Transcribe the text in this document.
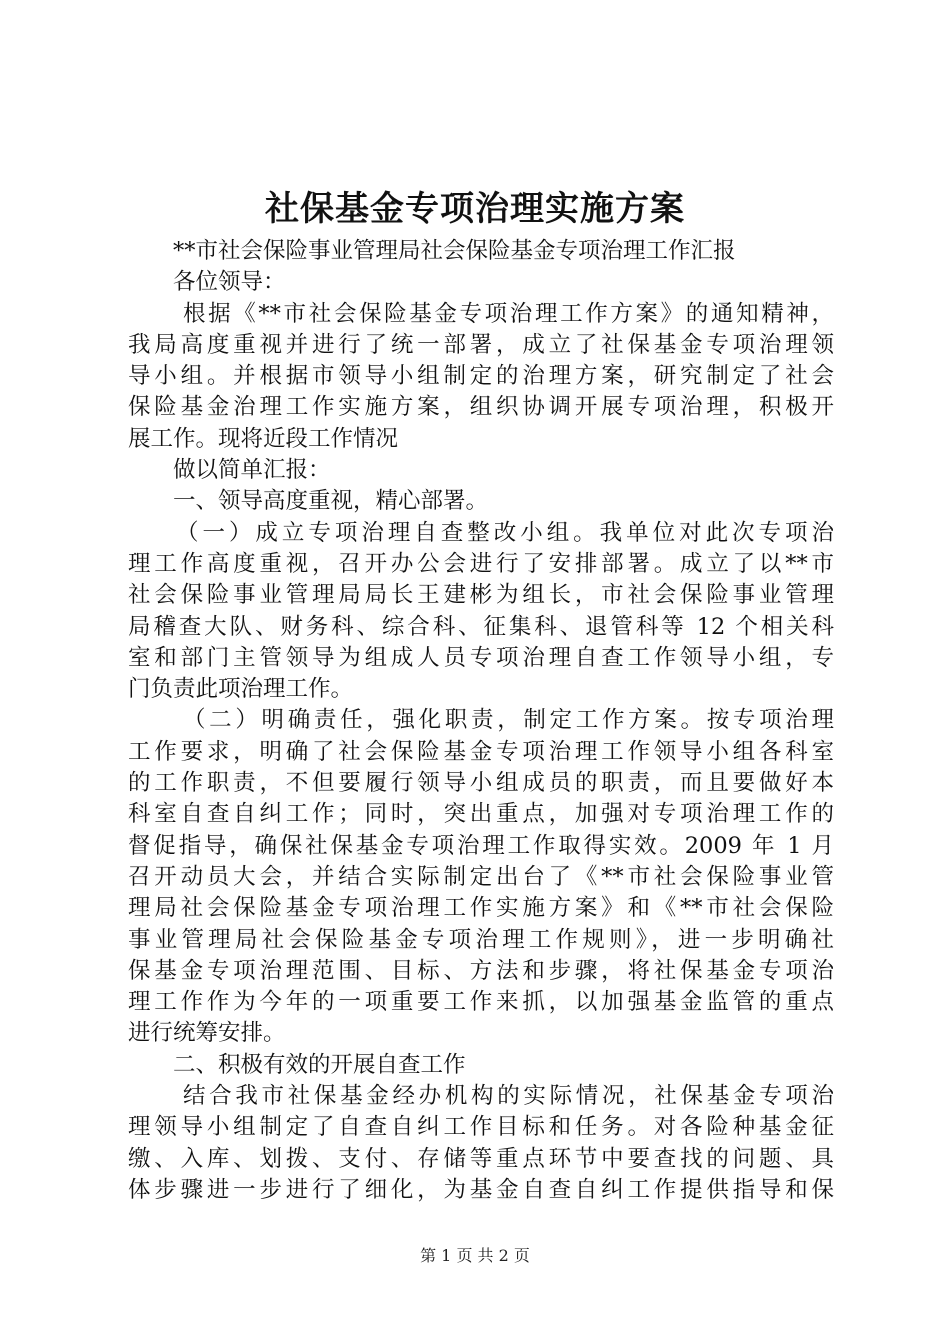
社保基金专项治理实施方案
**市社会保险事业管理局社会保险基金专项治理工作汇报
各位领导：
根据《**市社会保险基金专项治理工作方案》的通知精神，
我局高度重视并进行了统一部署，成立了社保基金专项治理领
导小组。并根据市领导小组制定的治理方案，研究制定了社会
保险基金治理工作实施方案，组织协调开展专项治理，积极开
展工作。现将近段工作情况
做以简单汇报：
一、领导高度重视，精心部署。
（一）成立专项治理自查整改小组。我单位对此次专项治
理工作高度重视，召开办公会进行了安排部署。成立了以**市
社会保险事业管理局局长王建彬为组长，市社会保险事业管理
局稽查大队、财务科、综合科、征集科、退管科等 12 个相关科
室和部门主管领导为组成人员专项治理自查工作领导小组，专
门负责此项治理工作。
（二）明确责任，强化职责，制定工作方案。按专项治理
工作要求，明确了社会保险基金专项治理工作领导小组各科室
的工作职责，不但要履行领导小组成员的职责，而且要做好本
科室自查自纠工作；同时，突出重点，加强对专项治理工作的
督促指导，确保社保基金专项治理工作取得实效。2009 年 1 月
召开动员大会，并结合实际制定出台了《**市社会保险事业管
理局社会保险基金专项治理工作实施方案》和《**市社会保险
事业管理局社会保险基金专项治理工作规则》，进一步明确社
保基金专项治理范围、目标、方法和步骤，将社保基金专项治
理工作作为今年的一项重要工作来抓，以加强基金监管的重点
进行统筹安排。
二、积极有效的开展自查工作
结合我市社保基金经办机构的实际情况，社保基金专项治
理领导小组制定了自查自纠工作目标和任务。对各险种基金征
缴、入库、划拨、支付、存储等重点环节中要查找的问题、具
体步骤进一步进行了细化，为基金自查自纠工作提供指导和保
第 1 页 共 2 页
